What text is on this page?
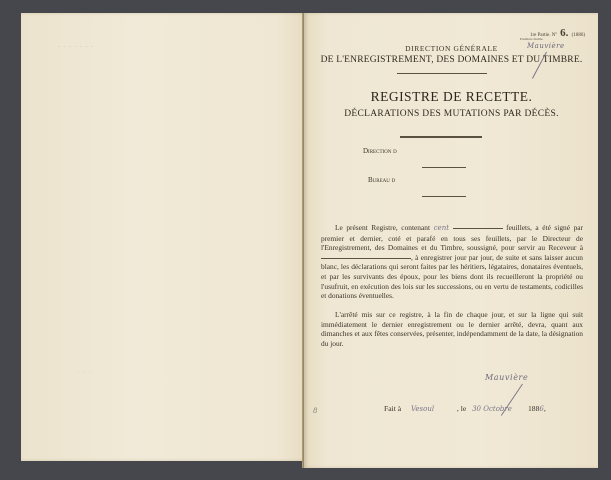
- - - - - - -
· · ·
1re Partie. Nº 6. (1886)
Première feuille.
Mauvière
DIRECTION GÉNÉRALE
DE L'ENREGISTREMENT, DES DOMAINES ET DU TIMBRE.
REGISTRE DE RECETTE.
DÉCLARATIONS DES MUTATIONS PAR DÉCÈS.
Direction d
Bureau d
Le présent Registre, contenant cent	feuillets, a été signé par premier et dernier, coté et parafé en tous ses feuillets, par le Directeur de l'Enregistrement, des Domaines et du Timbre, soussigné, pour servir au Receveur à , à enregistrer jour par jour, de suite et sans laisser aucun blanc, les déclarations qui seront faites par les héritiers, légataires, donataires éventuels, et par les survivants des époux, pour les biens dont ils recueilleront la propriété ou l'usufruit, en exécution des lois sur les successions, ou en vertu de testaments, codicilles et donations éventuelles.
L'arrêté mis sur ce registre, à la fin de chaque jour, et sur la ligne qui suit immédiatement le dernier enregistrement ou le dernier arrêté, devra, quant aux dimanches et aux fêtes conservées, présenter, indépendamment de la date, la désignation du jour.
Fait à Vesoul	, le 30 Octobre 1886,
Mauvière
8
